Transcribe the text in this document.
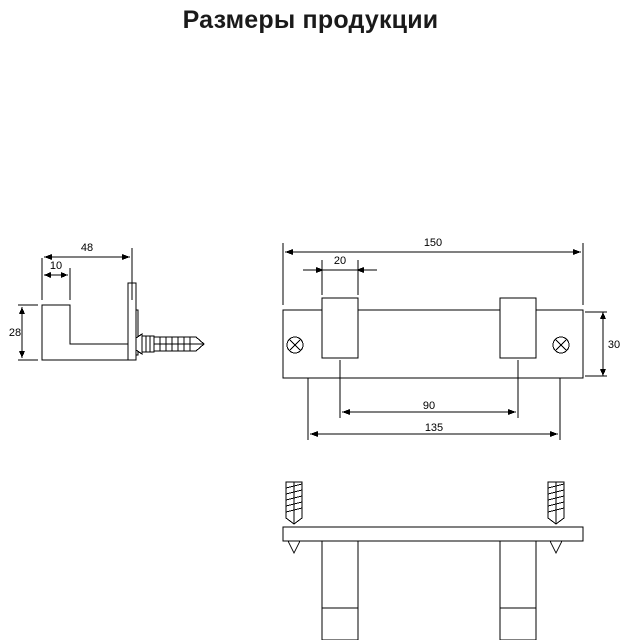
Размеры продукции
48
10
28
150
20
90
135
30
